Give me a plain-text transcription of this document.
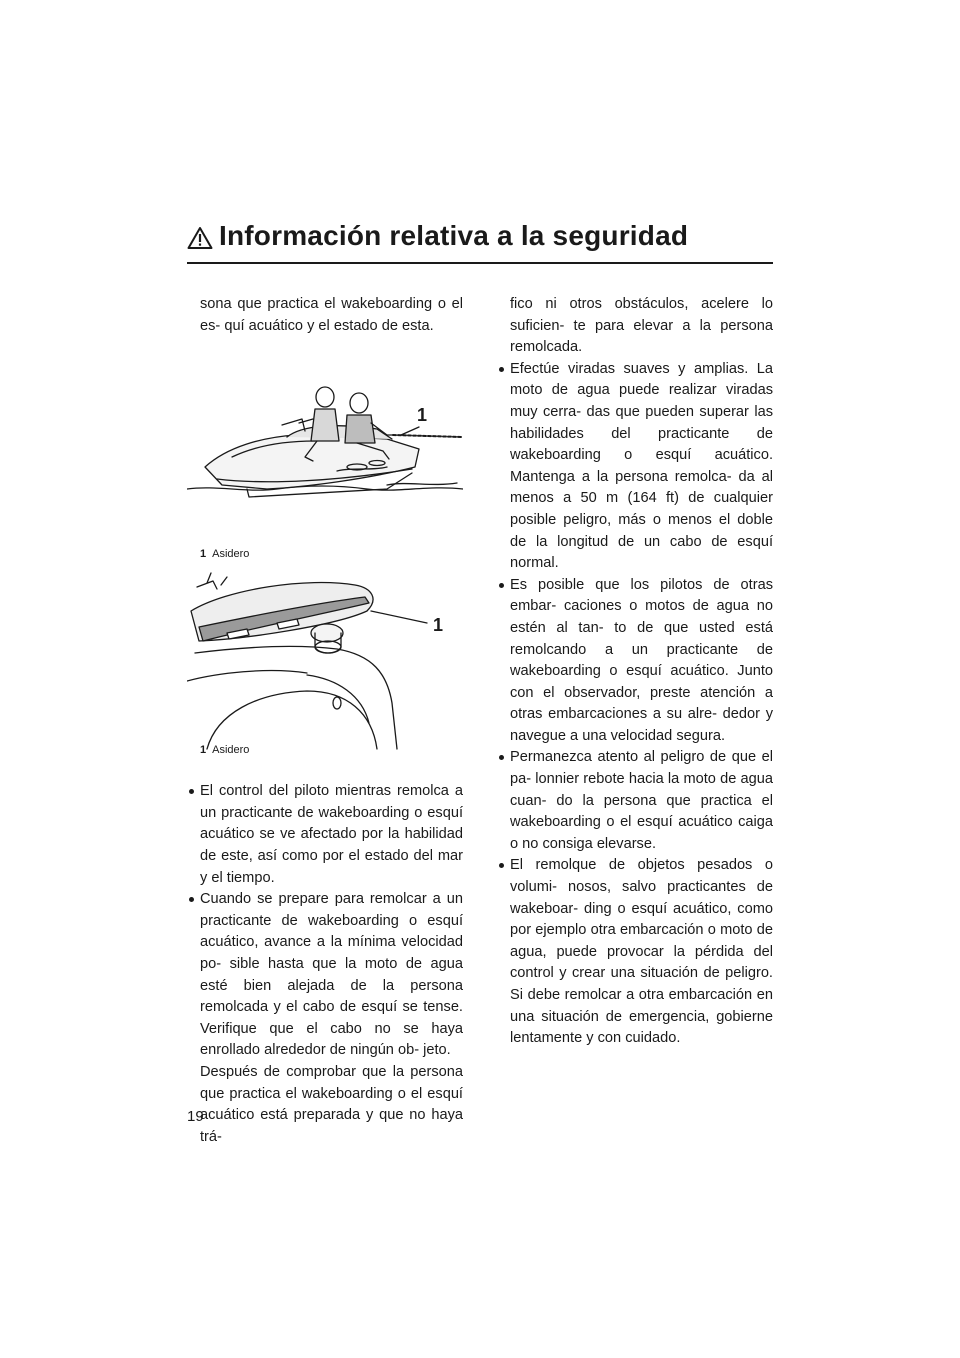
Información relativa a la seguridad

sona que practica el wakeboarding o el es- quí acuático y el estado de esta.

1

1 Asidero

1

1 Asidero

El control del piloto mientras remolca a un practicante de wakeboarding o esquí acuático se ve afectado por la habilidad de este, así como por el estado del mar y el tiempo.

Cuando se prepare para remolcar a un practicante de wakeboarding o esquí acuático, avance a la mínima velocidad po- sible hasta que la moto de agua esté bien alejada de la persona remolcada y el cabo de esquí se tense. Verifique que el cabo no se haya enrollado alrededor de ningún ob- jeto.

Después de comprobar que la persona que practica el wakeboarding o el esquí acuático está preparada y que no haya trá-

fico ni otros obstáculos, acelere lo suficien- te para elevar a la persona remolcada.

Efectúe viradas suaves y amplias. La moto de agua puede realizar viradas muy cerra- das que pueden superar las habilidades del practicante de wakeboarding o esquí acuático. Mantenga a la persona remolca- da al menos a 50 m (164 ft) de cualquier posible peligro, más o menos el doble de la longitud de un cabo de esquí normal.

Es posible que los pilotos de otras embar- caciones o motos de agua no estén al tan- to de que usted está remolcando a un practicante de wakeboarding o esquí acuático. Junto con el observador, preste atención a otras embarcaciones a su alre- dedor y navegue a una velocidad segura.

Permanezca atento al peligro de que el pa- lonnier rebote hacia la moto de agua cuan- do la persona que practica el wakeboarding o el esquí acuático caiga o no consiga elevarse.

El remolque de objetos pesados o volumi- nosos, salvo practicantes de wakeboar- ding o esquí acuático, como por ejemplo otra embarcación o moto de agua, puede provocar la pérdida del control y crear una situación de peligro. Si debe remolcar a otra embarcación en una situación de emergencia, gobierne lentamente y con cuidado.

19
